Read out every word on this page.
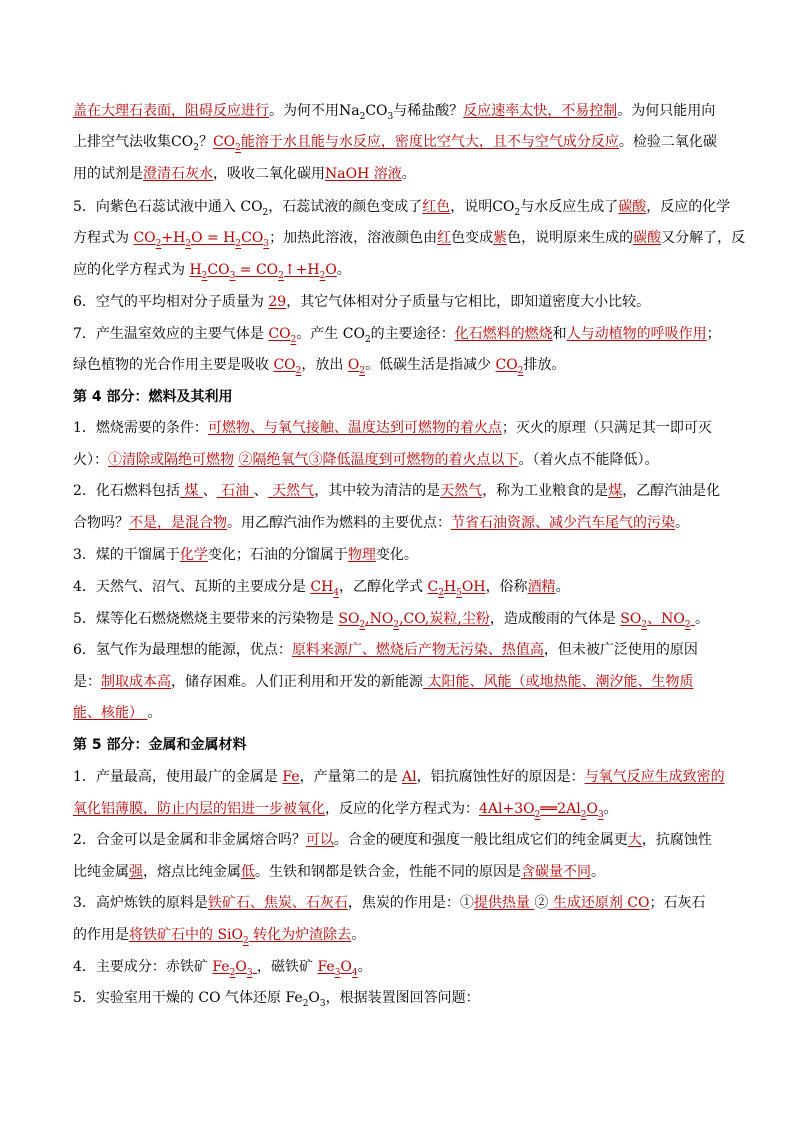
盖在大理石表面，阻碍反应进行。为何不用$Na_2CO_3$与稀盐酸？反应速率太快，不易控制。为何只能用向
上排空气法收集$CO_2$？$CO_2$能溶于水且能与水反应，密度比空气大，且不与空气成分反应。检验二氧化碳
用的试剂是澄清石灰水，吸收二氧化碳用NaOH 溶液。
5．向紫色石蕊试液中通入 $CO_2$，石蕊试液的颜色变成了红色，说明$CO_2$与水反应生成了碳酸，反应的化学
方程式为 $CO_2+H_2O = H_2CO_3$；加热此溶液，溶液颜色由红色变成紫色，说明原来生成的碳酸又分解了，反
应的化学方程式为 $H_2CO_3$ = $CO_2↑+H_2O$。
6．空气的平均相对分子质量为 29，其它气体相对分子质量与它相比，即知道密度大小比较。
7．产生温室效应的主要气体是 $CO_2$。产生 $CO_2$的主要途径：化石燃料的燃烧和人与动植物的呼吸作用；
绿色植物的光合作用主要是吸收 $CO_2$，放出 $O_2$。低碳生活是指减少 $CO_2$排放。
第 4 部分：燃料及其利用
1．燃烧需要的条件：可燃物、与氧气接触、温度达到可燃物的着火点；灭火的原理（只满足其一即可灭
火）：①清除或隔绝可燃物 ②隔绝氧气③降低温度到可燃物的着火点以下。（着火点不能降低）。
2．化石燃料包括 煤 、 石油 、 天然气，其中较为清洁的是天然气，称为工业粮食的是煤，乙醇汽油是化
合物吗？不是，是混合物。用乙醇汽油作为燃料的主要优点：节省石油资源、减少汽车尾气的污染。
3．煤的干馏属于化学变化；石油的分馏属于物理变化。
4．天然气、沼气、瓦斯的主要成分是 $CH_4$，乙醇化学式 $C_2H_5OH$，俗称酒精。
5．煤等化石燃烧燃烧主要带来的污染物是 $SO_2,NO_2,CO$,炭粒,尘粉，造成酸雨的气体是 $SO_2$、$NO_2$ 。
6．氢气作为最理想的能源，优点：原料来源广、燃烧后产物无污染、热值高，但未被广泛使用的原因
是：制取成本高，储存困难。人们正利用和开发的新能源 太阳能、风能（或地热能、潮汐能、生物质
能、核能） 。
第 5 部分：金属和金属材料
1．产量最高，使用最广的金属是 Fe，产量第二的是 Al，铝抗腐蚀性好的原因是：与氧气反应生成致密的
氧化铝薄膜，防止内层的铝进一步被氧化，反应的化学方程式为：$4Al+3O_2══2Al_2O_3$。
2．合金可以是金属和非金属熔合吗？可以。合金的硬度和强度一般比组成它们的纯金属更大，抗腐蚀性
比纯金属强，熔点比纯金属低。生铁和钢都是铁合金，性能不同的原因是含碳量不同。
3．高炉炼铁的原料是铁矿石、焦炭、石灰石，焦炭的作用是：①提供热量 ② 生成还原剂 CO；石灰石
的作用是将铁矿石中的 SiO$_2$ 转化为炉渣除去。
4．主要成分：赤铁矿 $Fe_2O_3$ ，磁铁矿 $Fe_3O_4$。
5．实验室用干燥的 CO 气体还原 $Fe_2O_3$，根据装置图回答问题：
